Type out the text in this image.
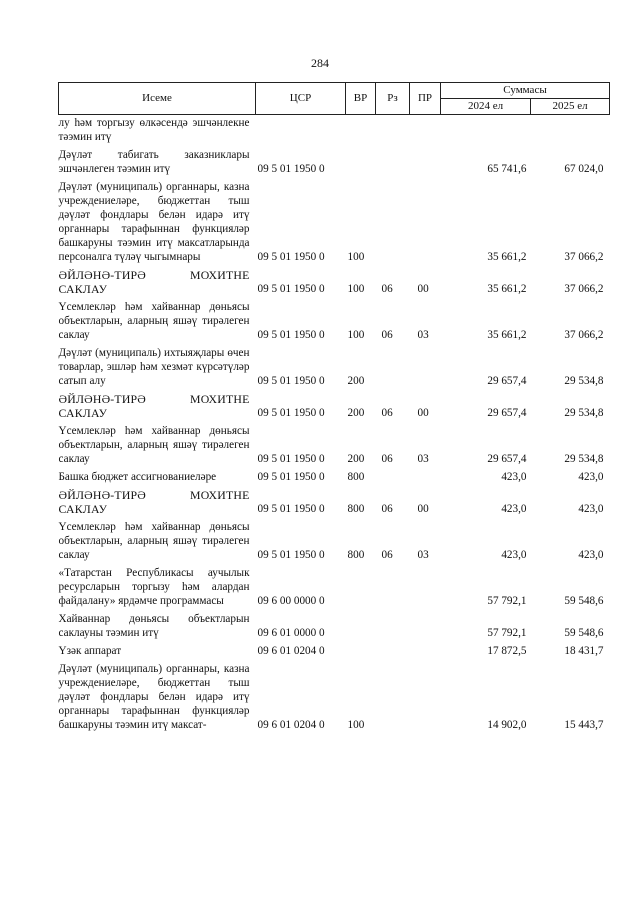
284
Исеме	ЦСР	ВР	Рз	ПР	Суммасы	
					2024 ел	2025 ел
лу һәм торгызу өлкәсендә эшчәнлекне тәэмин итү						
Дәүләт табигать заказниклары эшчәнлеген тәэмин итү	09 5 01 1950 0				65 741,6	67 024,0
Дәүләт (муниципаль) органнары, казна учреждениеләре, бюджеттан тыш дәүләт фондлары белән идарә итү органнары тарафыннан функцияләр башкаруны тәэмин итү максатларында персоналга түләү чыгымнары	09 5 01 1950 0	100			35 661,2	37 066,2
ӘЙЛӘНӘ-ТИРӘ МОХИТНЕ САКЛАУ	09 5 01 1950 0	100	06	00	35 661,2	37 066,2
Үсемлекләр һәм хайваннар дөньясы объектларын, аларның яшәү тирәлеген саклау	09 5 01 1950 0	100	06	03	35 661,2	37 066,2
Дәүләт (муниципаль) ихтыяҗлары өчен товарлар, эшләр һәм хезмәт күрсәтүләр сатып алу	09 5 01 1950 0	200			29 657,4	29 534,8
ӘЙЛӘНӘ-ТИРӘ МОХИТНЕ САКЛАУ	09 5 01 1950 0	200	06	00	29 657,4	29 534,8
Үсемлекләр һәм хайваннар дөньясы объектларын, аларның яшәү тирәлеген саклау	09 5 01 1950 0	200	06	03	29 657,4	29 534,8
Башка бюджет ассигнованиеләре	09 5 01 1950 0	800			423,0	423,0
ӘЙЛӘНӘ-ТИРӘ МОХИТНЕ САКЛАУ	09 5 01 1950 0	800	06	00	423,0	423,0
Үсемлекләр һәм хайваннар дөньясы объектларын, аларның яшәү тирәлеген саклау	09 5 01 1950 0	800	06	03	423,0	423,0
«Татарстан Республикасы аучылык ресурсларын торгызу һәм алардан файдалану» ярдәмче программасы	09 6 00 0000 0				57 792,1	59 548,6
Хайваннар дөньясы объектларын саклауны тәэмин итү	09 6 01 0000 0				57 792,1	59 548,6
Үзәк аппарат	09 6 01 0204 0				17 872,5	18 431,7
Дәүләт (муниципаль) органнары, казна учреждениеләре, бюджеттан тыш дәүләт фондлары белән идарә итү органнары тарафыннан функцияләр башкаруны тәэмин итү максат-	09 6 01 0204 0	100			14 902,0	15 443,7
